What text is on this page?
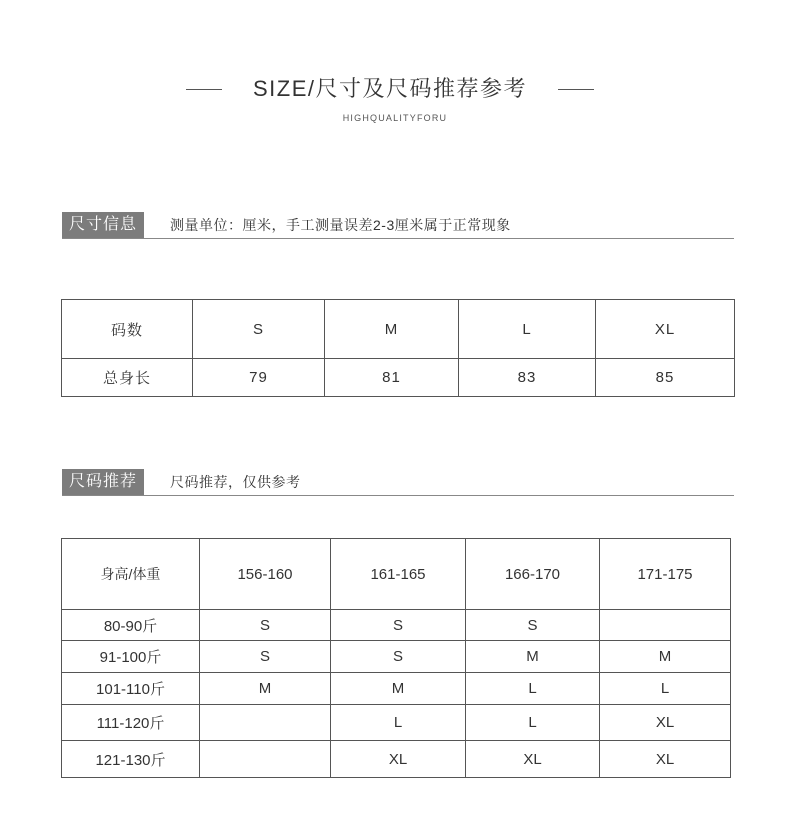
SIZE/尺寸及尺码推荐参考
HIGHQUALITYFORU
尺寸信息	测量单位：厘米，手工测量误差2-3厘米属于正常现象
码数	S	M	L	XL
总身长	79	81	83	85
尺码推荐	尺码推荐，仅供参考
身高/体重	156-160	161-165	166-170	171-175
80-90斤	S	S	S	
91-100斤	S	S	M	M
101-110斤	M	M	L	L
111-120斤		L	L	XL
121-130斤		XL	XL	XL
